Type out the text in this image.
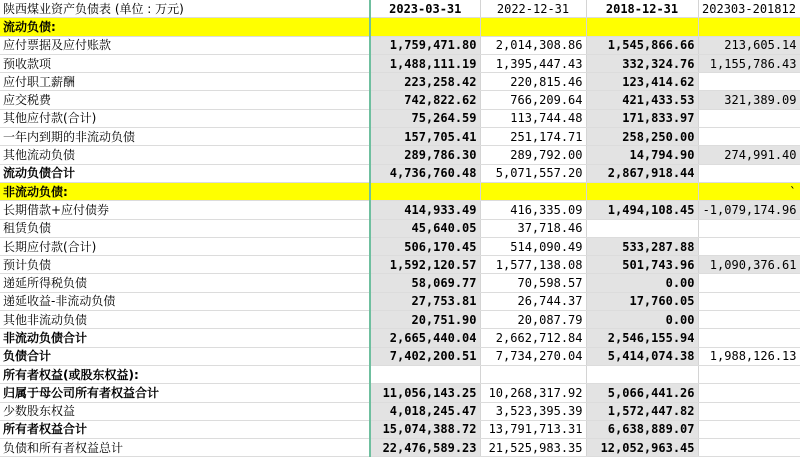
陕西煤业资产负债表 (单位 : 万元)	2023-03-31	2022-12-31	2018-12-31	202303-201812
流动负债:				
应付票据及应付账款	1,759,471.80	2,014,308.86	1,545,866.66	213,605.14
预收款项	1,488,111.19	1,395,447.43	332,324.76	1,155,786.43
应付职工薪酬	223,258.42	220,815.46	123,414.62	
应交税费	742,822.62	766,209.64	421,433.53	321,389.09
其他应付款(合计)	75,264.59	113,744.48	171,833.97	
一年内到期的非流动负债	157,705.41	251,174.71	258,250.00	
其他流动负债	289,786.30	289,792.00	14,794.90	274,991.40
流动负债合计	4,736,760.48	5,071,557.20	2,867,918.44	
非流动负债:				`
长期借款+应付债券	414,933.49	416,335.09	1,494,108.45	-1,079,174.96
租赁负债	45,640.05	37,718.46		
长期应付款(合计)	506,170.45	514,090.49	533,287.88	
预计负债	1,592,120.57	1,577,138.08	501,743.96	1,090,376.61
递延所得税负债	58,069.77	70,598.57	0.00	
递延收益-非流动负债	27,753.81	26,744.37	17,760.05	
其他非流动负债	20,751.90	20,087.79	0.00	
非流动负债合计	2,665,440.04	2,662,712.84	2,546,155.94	
负债合计	7,402,200.51	7,734,270.04	5,414,074.38	1,988,126.13
所有者权益(或股东权益):				
归属于母公司所有者权益合计	11,056,143.25	10,268,317.92	5,066,441.26	
少数股东权益	4,018,245.47	3,523,395.39	1,572,447.82	
所有者权益合计	15,074,388.72	13,791,713.31	6,638,889.07	
负债和所有者权益总计	22,476,589.23	21,525,983.35	12,052,963.45	
